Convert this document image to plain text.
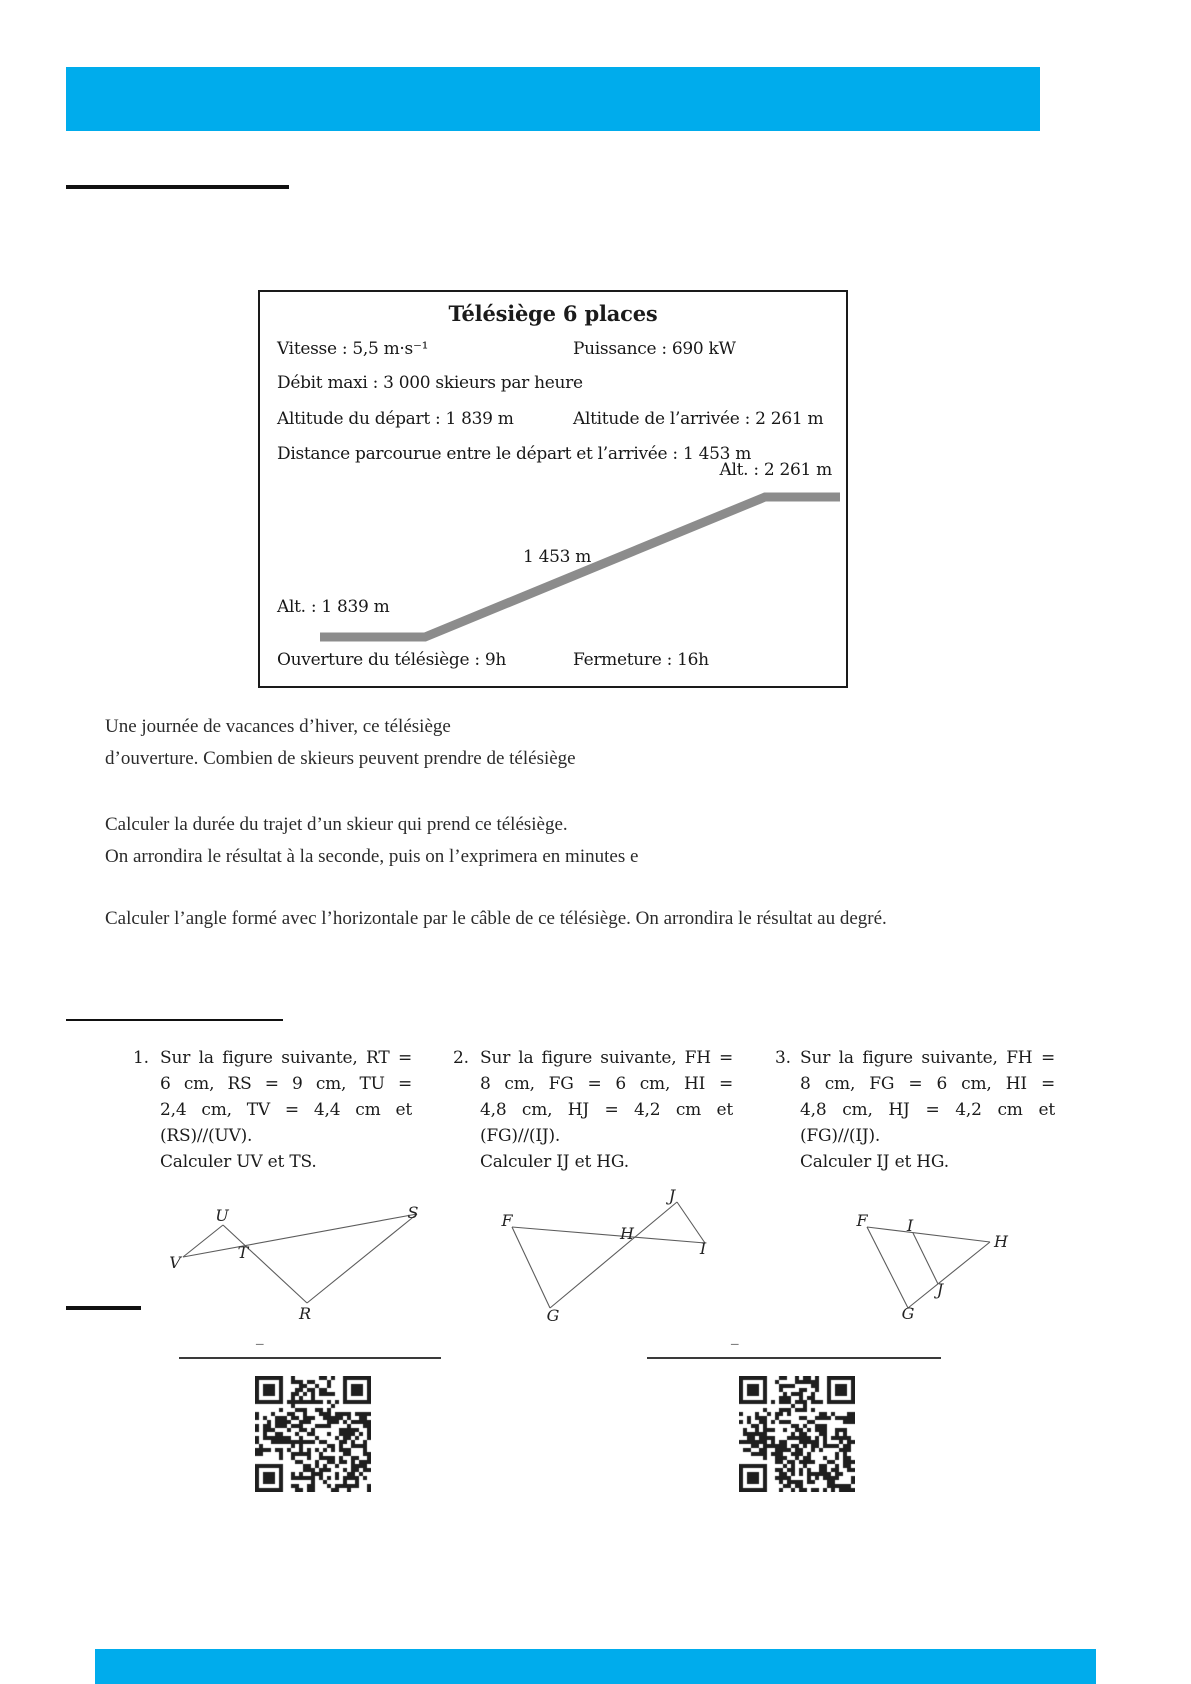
Télésiège 6 places
Vitesse : 5,5 m·s⁻¹	Puissance : 690 kW
Débit maxi : 3 000 skieurs par heure
Altitude du départ : 1 839 m	Altitude de l’arrivée : 2 261 m
Distance parcourue entre le départ et l’arrivée : 1 453 m
Alt. : 2 261 m
1 453 m
Alt. : 1 839 m
Ouverture du télésiège : 9h	Fermeture : 16h
Une journée de vacances d’hiver, ce télésiège
d’ouverture. Combien de skieurs peuvent prendre de télésiège
Calculer la durée du trajet d’un skieur qui prend ce télésiège.
On arrondira le résultat à la seconde, puis on l’exprimera en minutes e
Calculer l’angle formé avec l’horizontale par le câble de ce télésiège. On arrondira le résultat au degré.
1. Sur la figure suivante, RT =
6 cm, RS = 9 cm, TU =
2,4 cm, TV = 4,4 cm et
(RS)//(UV).
Calculer UV et TS.
2. Sur la figure suivante, FH =
8 cm, FG = 6 cm, HI =
4,8 cm, HJ = 4,2 cm et
(FG)//(IJ).
Calculer IJ et HG.
3. Sur la figure suivante, FH =
8 cm, FG = 6 cm, HI =
4,8 cm, HJ = 4,2 cm et
(FG)//(IJ).
Calculer IJ et HG.
U	S
V
T
R
F
H
J
I
G
F I
H
J
G
–	–
